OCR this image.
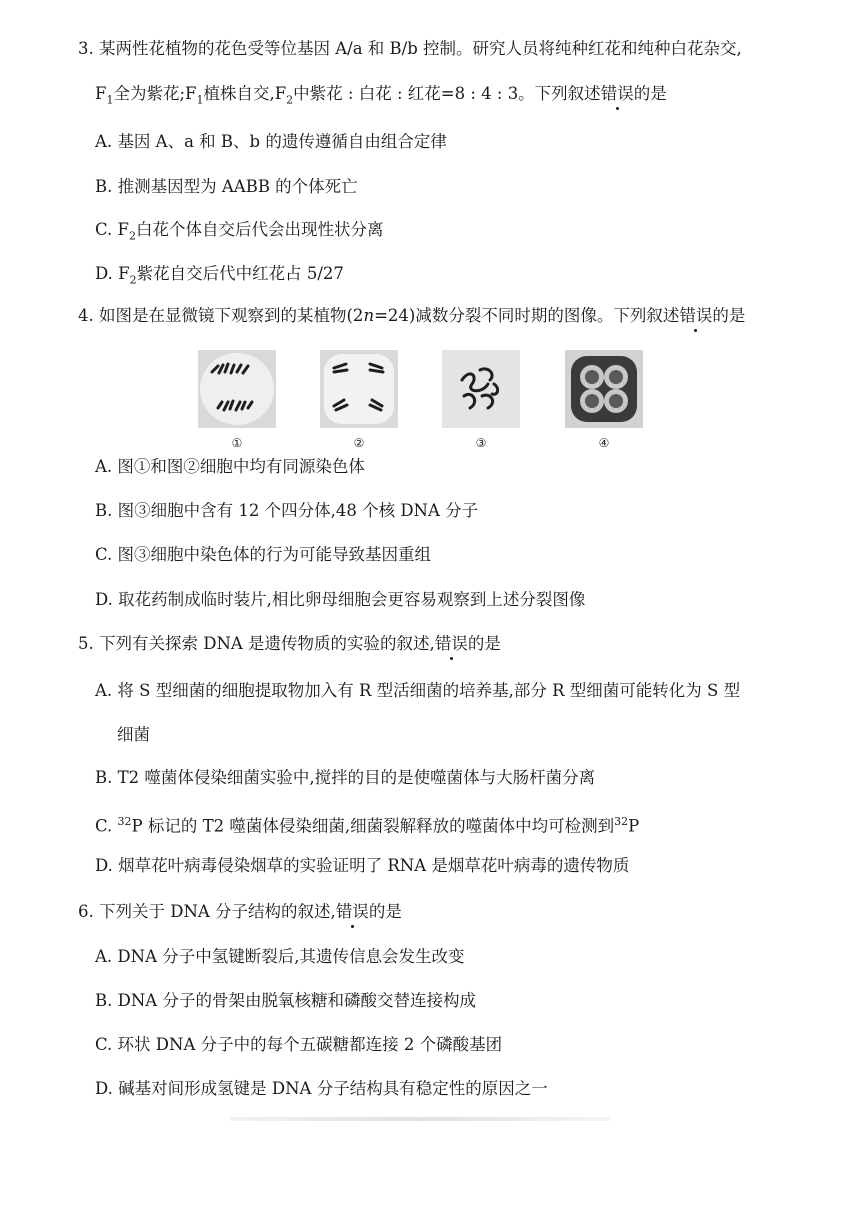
3. 某两性花植物的花色受等位基因 A/a 和 B/b 控制。研究人员将纯种红花和纯种白花杂交,
$F_1$全为紫花$;F_1$植株自交$,F_2$中紫花 : 白花 : 红花=8 : 4 : 3。下列叙述错误的是
A. 基因 A、a 和 B、b 的遗传遵循自由组合定律
B. 推测基因型为 AABB 的个体死亡
C. $F_2$白花个体自交后代会出现性状分离
D. $F_2$紫花自交后代中红花占 5/27
4. 如图是在显微镜下观察到的某植物(2n=24)减数分裂不同时期的图像。下列叙述错误的是
①	②	③	④
A. 图①和图②细胞中均有同源染色体
B. 图③细胞中含有 12 个四分体,48 个核 DNA 分子
C. 图③细胞中染色体的行为可能导致基因重组
D. 取花药制成临时装片,相比卵母细胞会更容易观察到上述分裂图像
5. 下列有关探索 DNA 是遗传物质的实验的叙述,错误的是
A. 将 S 型细菌的细胞提取物加入有 R 型活细菌的培养基,部分 R 型细菌可能转化为 S 型
细菌
B. T2 噬菌体侵染细菌实验中,搅拌的目的是使噬菌体与大肠杆菌分离
C. $^{32}$P 标记的 T2 噬菌体侵染细菌,细菌裂解释放的噬菌体中均可检测到$^{32}$P
D. 烟草花叶病毒侵染烟草的实验证明了 RNA 是烟草花叶病毒的遗传物质
6. 下列关于 DNA 分子结构的叙述,错误的是
A. DNA 分子中氢键断裂后,其遗传信息会发生改变
B. DNA 分子的骨架由脱氧核糖和磷酸交替连接构成
C. 环状 DNA 分子中的每个五碳糖都连接 2 个磷酸基团
D. 碱基对间形成氢键是 DNA 分子结构具有稳定性的原因之一
